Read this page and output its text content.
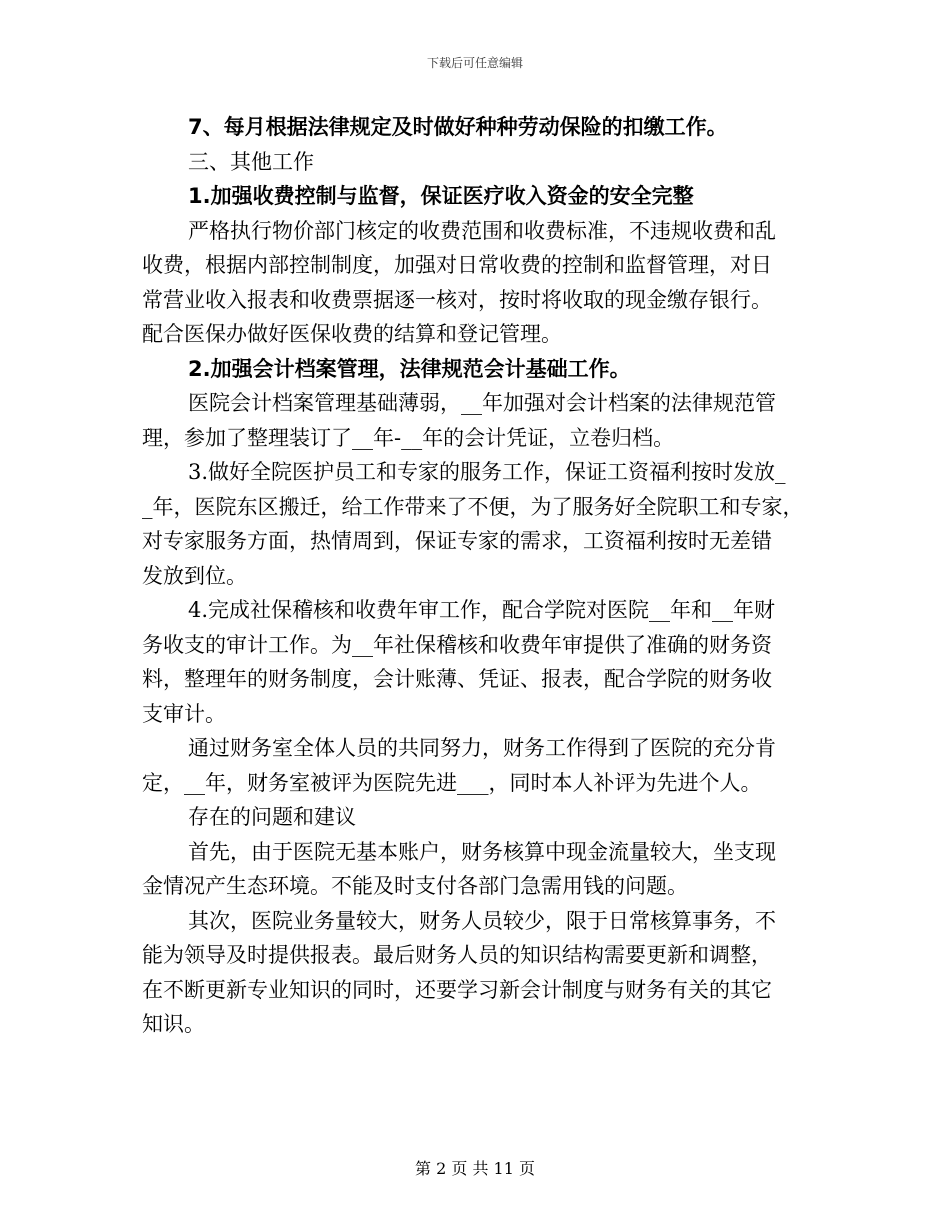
下载后可任意编辑
7、每月根据法律规定及时做好种种劳动保险的扣缴工作。
三、其他工作
1.加强收费控制与监督，保证医疗收入资金的安全完整
严格执行物价部门核定的收费范围和收费标准，不违规收费和乱
收费，根据内部控制制度，加强对日常收费的控制和监督管理，对日
常营业收入报表和收费票据逐一核对，按时将收取的现金缴存银行。
配合医保办做好医保收费的结算和登记管理。
2.加强会计档案管理，法律规范会计基础工作。
医院会计档案管理基础薄弱，__年加强对会计档案的法律规范管
理，参加了整理装订了__年-__年的会计凭证，立卷归档。
3.做好全院医护员工和专家的服务工作，保证工资福利按时发放_
_年，医院东区搬迁，给工作带来了不便，为了服务好全院职工和专家，
对专家服务方面，热情周到，保证专家的需求，工资福利按时无差错
发放到位。
4.完成社保稽核和收费年审工作，配合学院对医院__年和__年财
务收支的审计工作。为__年社保稽核和收费年审提供了准确的财务资
料，整理年的财务制度，会计账薄、凭证、报表，配合学院的财务收
支审计。
通过财务室全体人员的共同努力，财务工作得到了医院的充分肯
定，__年，财务室被评为医院先进___，同时本人补评为先进个人。
存在的问题和建议
首先，由于医院无基本账户，财务核算中现金流量较大，坐支现
金情况产生态环境。不能及时支付各部门急需用钱的问题。
其次，医院业务量较大，财务人员较少，限于日常核算事务，不
能为领导及时提供报表。最后财务人员的知识结构需要更新和调整，
在不断更新专业知识的同时，还要学习新会计制度与财务有关的其它
知识。
第 2 页 共 11 页
